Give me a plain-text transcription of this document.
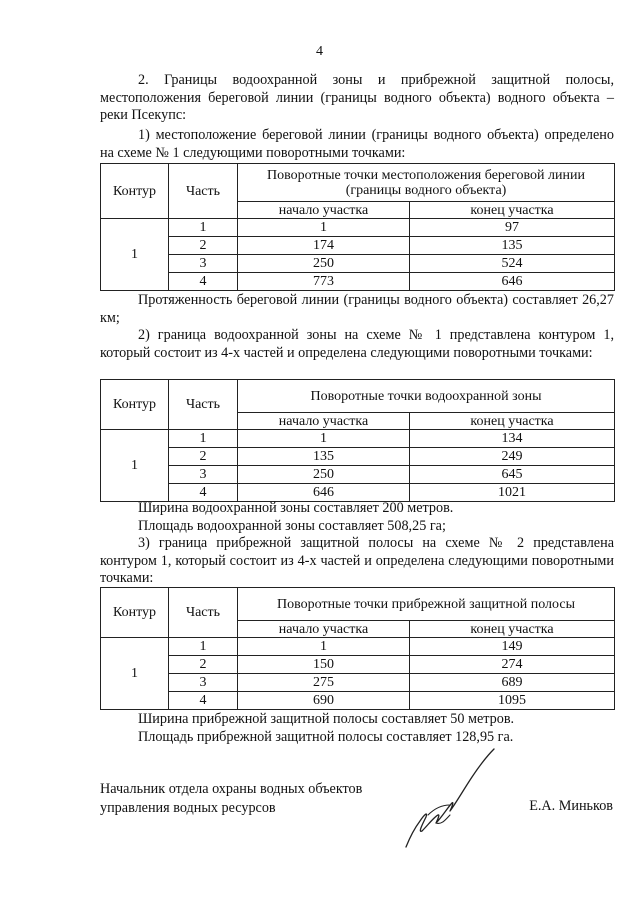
4
2. Границы водоохранной зоны и прибрежной защитной полосы, местоположения береговой линии (границы водного объекта) водного объекта – реки Псекупс:
1) местоположение береговой линии (границы водного объекта) определено на схеме № 1 следующими поворотными точками:
Контур	Часть	Поворотные точки местоположения береговой линии (границы водного объекта)	
		начало участка	конец участка
1	1	1	97
	2	174	135
	3	250	524
	4	773	646
Протяженность береговой линии (границы водного объекта) составляет 26,27 км;
2) граница водоохранной зоны на схеме № 1 представлена контуром 1, который состоит из 4-х частей и определена следующими поворотными точками:
Контур	Часть	Поворотные точки водоохранной зоны	
		начало участка	конец участка
1	1	1	134
	2	135	249
	3	250	645
	4	646	1021
Ширина водоохранной зоны составляет 200 метров.
Площадь водоохранной зоны составляет 508,25 га;
3) граница прибрежной защитной полосы на схеме № 2 представлена контуром 1, который состоит из 4-х частей и определена следующими поворотными точками:
Контур	Часть	Поворотные точки прибрежной защитной полосы	
		начало участка	конец участка
1	1	1	149
	2	150	274
	3	275	689
	4	690	1095
Ширина прибрежной защитной полосы составляет 50 метров.
Площадь прибрежной защитной полосы составляет 128,95 га.
Начальник отдела охраны водных объектов
управления водных ресурсов	Е.А. Миньков
